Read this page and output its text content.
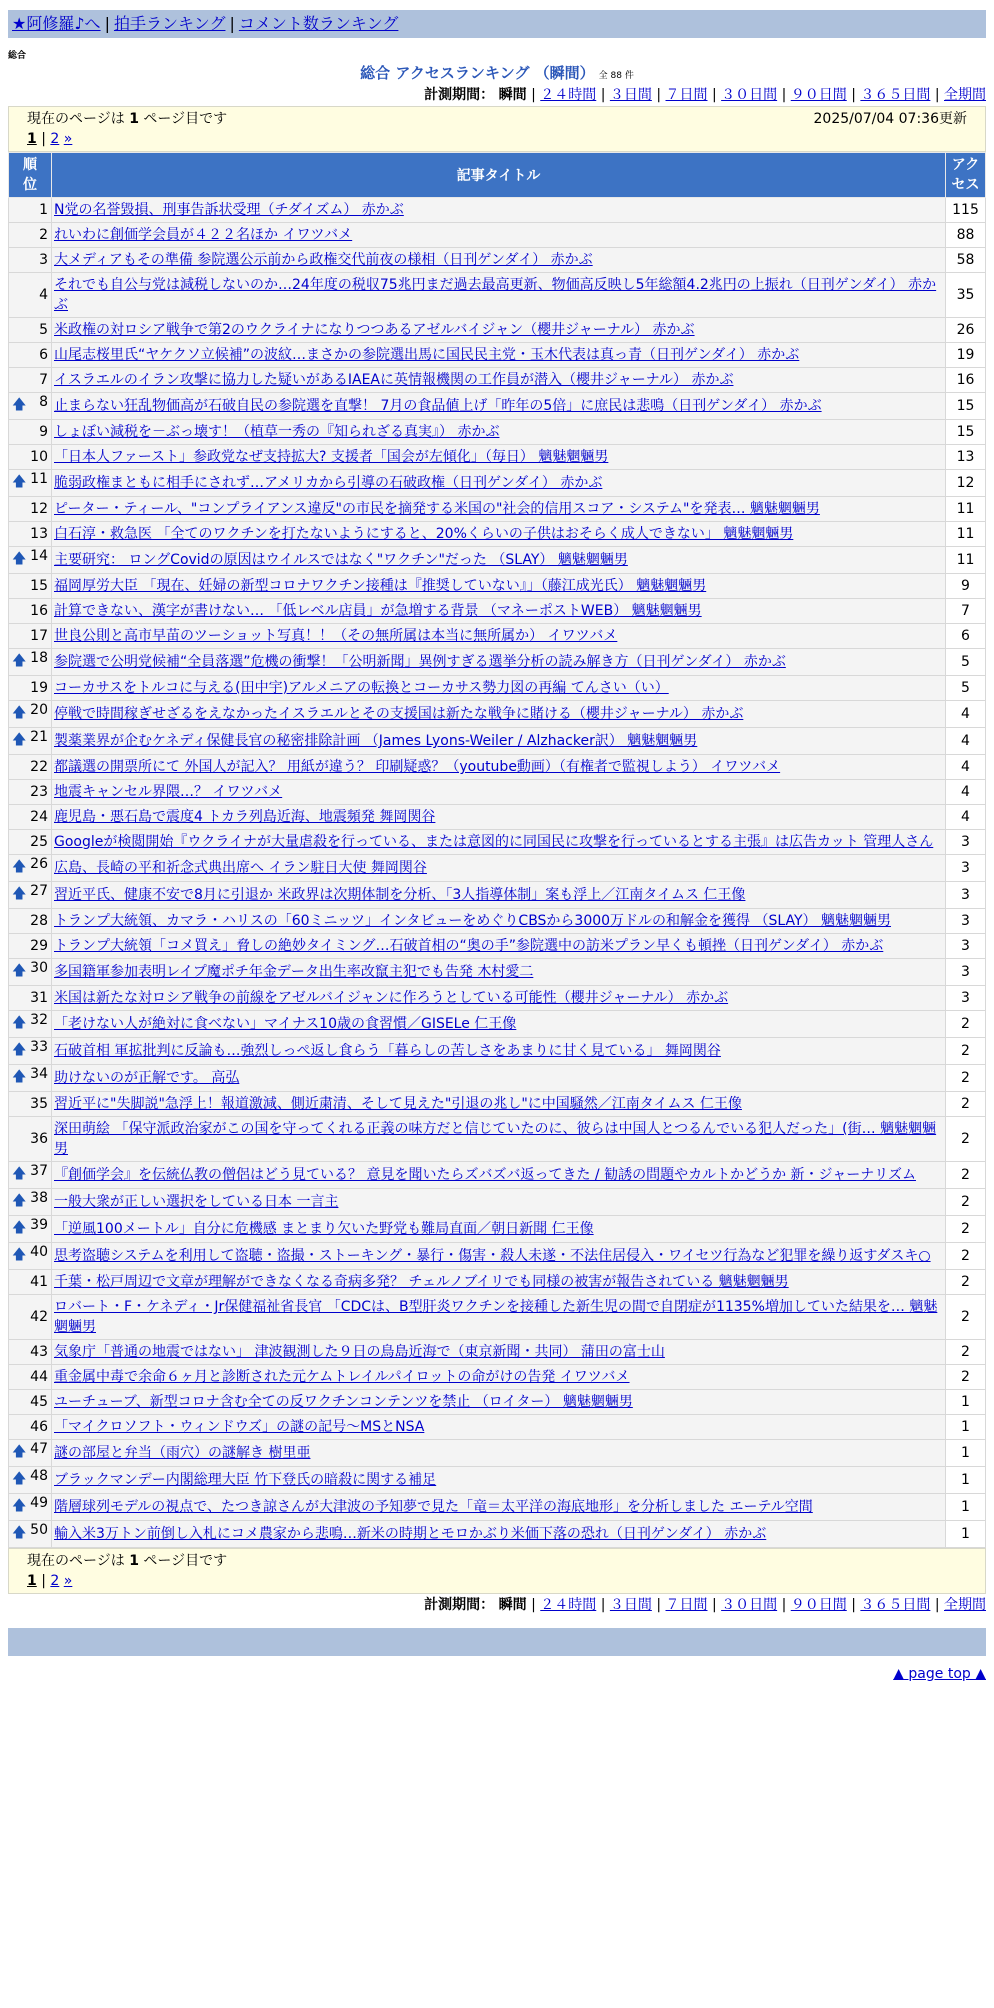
★阿修羅♪へ | 拍手ランキング | コメント数ランキング
総合
総合 アクセスランキング （瞬間） 全 88 件
計測期間： 瞬間 | ２４時間 | ３日間 | ７日間 | ３０日間 | ９０日間 | ３６５日間 | 全期間
現在のページは 1 ページ目です	2025/07/04 07:36更新
1 | 2 »
順位	記事タイトル	アクセス
1	N党の名誉毀損、刑事告訴状受理（チダイズム） 赤かぶ	115
2	れいわに創価学会員が４２２名ほか イワツバメ	88
3	大メディアもその準備 参院選公示前から政権交代前夜の様相（日刊ゲンダイ） 赤かぶ	58
4	それでも自公与党は減税しないのか…24年度の税収75兆円まだ過去最高更新、物価高反映し5年総額4.2兆円の上振れ（日刊ゲンダイ） 赤かぶ	35
5	米政権の対ロシア戦争で第2のウクライナになりつつあるアゼルバイジャン（櫻井ジャーナル） 赤かぶ	26
6	山尾志桜里氏“ヤケクソ立候補”の波紋…まさかの参院選出馬に国民民主党・玉木代表は真っ青（日刊ゲンダイ） 赤かぶ	19
7	イスラエルのイラン攻撃に協力した疑いがあるIAEAに英情報機関の工作員が潜入（櫻井ジャーナル） 赤かぶ	16

🡅 8	止まらない狂乱物価高が石破自民の参院選を直撃！ 7月の食品値上げ「昨年の5倍」に庶民は悲鳴（日刊ゲンダイ） 赤かぶ	15
9	しょぼい減税を－ぶっ壊す！（植草一秀の『知られざる真実』） 赤かぶ	15
10	「日本人ファースト」参政党なぜ支持拡大? 支援者「国会が左傾化」（毎日） 魑魅魍魎男	13

🡅 11	脆弱政権まともに相手にされず…アメリカから引導の石破政権（日刊ゲンダイ） 赤かぶ	12
12	ピーター・ティール、"コンプライアンス違反"の市民を摘発する米国の"社会的信用スコア・システム"を発表… 魑魅魍魎男	11
13	白石淳・救急医 「全てのワクチンを打たないようにすると、20%くらいの子供はおそらく成人できない」 魑魅魍魎男	11

🡅 14	主要研究： ロングCovidの原因はウイルスではなく"ワクチン"だった （SLAY） 魑魅魍魎男	11
15	福岡厚労大臣 「現在、妊婦の新型コロナワクチン接種は『推奨していない』」（藤江成光氏） 魑魅魍魎男	9
16	計算できない、漢字が書けない… 「低レベル店員」が急増する背景 （マネーポストWEB） 魑魅魍魎男	7
17	世良公則と高市早苗のツーショット写真！！（その無所属は本当に無所属か） イワツバメ	6

🡅 18	参院選で公明党候補“全員落選”危機の衝撃！「公明新聞」異例すぎる選挙分析の読み解き方（日刊ゲンダイ） 赤かぶ	5
19	コーカサスをトルコに与える(田中宇)アルメニアの転換とコーカサス勢力図の再編 てんさい（い）	5

🡅 20	停戦で時間稼ぎせざるをえなかったイスラエルとその支援国は新たな戦争に賭ける（櫻井ジャーナル） 赤かぶ	4

🡅 21	製薬業界が企むケネディ保健長官の秘密排除計画 （James Lyons-Weiler / Alzhacker訳） 魑魅魍魎男	4
22	都議選の開票所にて 外国人が記入？ 用紙が違う？ 印刷疑惑？（youtube動画）（有権者で監視しよう） イワツバメ	4
23	地震キャンセル界隈…？ イワツバメ	4
24	鹿児島・悪石島で震度4 トカラ列島近海、地震頻発 舞岡関谷	4
25	Googleが検閲開始『ウクライナが大量虐殺を行っている、または意図的に同国民に攻撃を行っているとする主張』は広告カット 管理人さん	3

🡅 26	広島、長崎の平和祈念式典出席へ イラン駐日大使 舞岡関谷	3

🡅 27	習近平氏、健康不安で8月に引退か 米政界は次期体制を分析、「3人指導体制」案も浮上／江南タイムス 仁王像	3
28	トランプ大統領、カマラ・ハリスの「60ミニッツ」インタビューをめぐりCBSから3000万ドルの和解金を獲得 （SLAY） 魑魅魍魎男	3
29	トランプ大統領「コメ買え」脅しの絶妙タイミング…石破首相の“奥の手”参院選中の訪米プラン早くも頓挫（日刊ゲンダイ） 赤かぶ	3

🡅 30	多国籍軍参加表明レイプ魔ポチ年金データ出生率改竄主犯でも告発 木村愛二	3
31	米国は新たな対ロシア戦争の前線をアゼルバイジャンに作ろうとしている可能性（櫻井ジャーナル） 赤かぶ	3

🡅 32	「老けない人が絶対に食べない」マイナス10歳の食習慣／GISELe 仁王像	2

🡅 33	石破首相 軍拡批判に反論も…強烈しっぺ返し食らう「暮らしの苦しさをあまりに甘く見ている」 舞岡関谷	2

🡅 34	助けないのが正解です。 高弘	2
35	習近平に"失脚説"急浮上！報道激減、側近粛清、そして見えた"引退の兆し"に中国騒然／江南タイムス 仁王像	2
36	深田萌絵 「保守派政治家がこの国を守ってくれる正義の味方だと信じていたのに、彼らは中国人とつるんでいる犯人だった」(街… 魑魅魍魎男	2

🡅 37	『創価学会』を伝統仏教の僧侶はどう見ている？ 意見を聞いたらズバズバ返ってきた / 勧誘の問題やカルトかどうか 新・ジャーナリズム	2

🡅 38	一般大衆が正しい選択をしている日本 一言主	2

🡅 39	「逆風100メートル」自分に危機感 まとまり欠いた野党も難局直面／朝日新聞 仁王像	2

🡅 40	思考盗聴システムを利用して盗聴・盗撮・ストーキング・暴行・傷害・殺人未遂・不法住居侵入・ワイセツ行為など犯罪を繰り返すダスキ○	2
41	千葉・松戸周辺で文章が理解ができなくなる奇病多発？ チェルノブイリでも同様の被害が報告されている 魑魅魍魎男	2
42	ロバート・F・ケネディ・Jr保健福祉省長官 「CDCは、B型肝炎ワクチンを接種した新生児の間で自閉症が1135%増加していた結果を… 魑魅魍魎男	2
43	気象庁「普通の地震ではない」 津波観測した９日の鳥島近海で（東京新聞・共同） 蒲田の富士山	2
44	重金属中毒で余命６ヶ月と診断された元ケムトレイルパイロットの命がけの告発 イワツバメ	2
45	ユーチューブ、新型コロナ含む全ての反ワクチンコンテンツを禁止 （ロイター） 魑魅魍魎男	1
46	「マイクロソフト・ウィンドウズ」の謎の記号〜MSとNSA	1

🡅 47	謎の部屋と弁当（雨穴）の謎解き 樹里亜	1

🡅 48	ブラックマンデー内閣総理大臣 竹下登氏の暗殺に関する補足	1

🡅 49	階層球列モデルの視点で、たつき諒さんが大津波の予知夢で見た「竜＝太平洋の海底地形」を分析しました エーテル空間	1

🡅 50	輸入米3万トン前倒し入札にコメ農家から悲鳴…新米の時期とモロかぶり米価下落の恐れ（日刊ゲンダイ） 赤かぶ	1
現在のページは 1 ページ目です
1 | 2 »
計測期間： 瞬間 | ２４時間 | ３日間 | ７日間 | ３０日間 | ９０日間 | ３６５日間 | 全期間
▲ page top ▲
